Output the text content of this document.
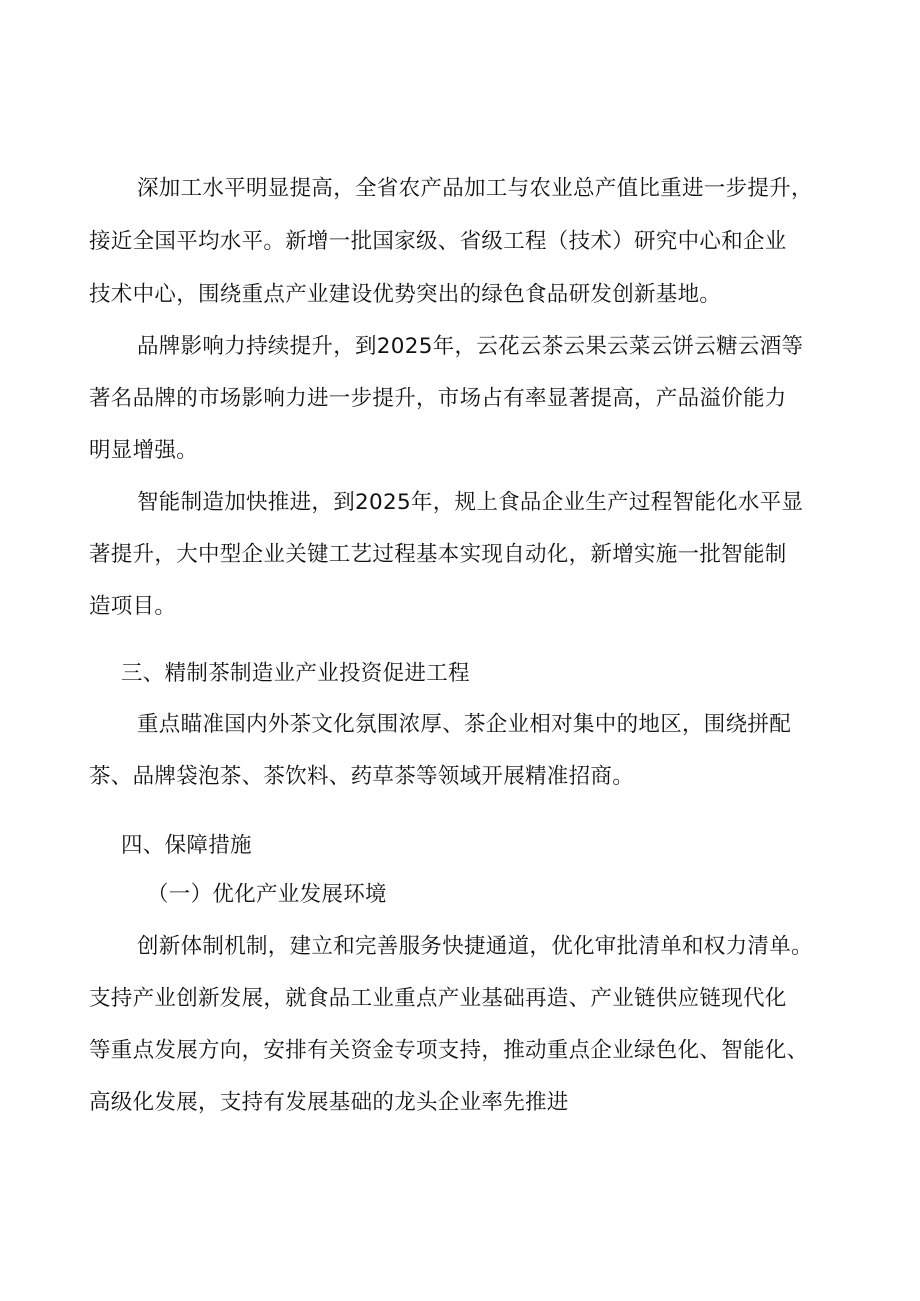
深加工水平明显提高，全省农产品加工与农业总产值比重进一步提升，
接近全国平均水平。新增一批国家级、省级工程（技术）研究中心和企业
技术中心，围绕重点产业建设优势突出的绿色食品研发创新基地。
品牌影响力持续提升，到2025年，云花云茶云果云菜云饼云糖云酒等
著名品牌的市场影响力进一步提升，市场占有率显著提高，产品溢价能力
明显增强。
智能制造加快推进，到2025年，规上食品企业生产过程智能化水平显
著提升，大中型企业关键工艺过程基本实现自动化，新增实施一批智能制
造项目。
三、精制茶制造业产业投资促进工程
重点瞄准国内外茶文化氛围浓厚、茶企业相对集中的地区，围绕拼配
茶、品牌袋泡茶、茶饮料、药草茶等领域开展精准招商。
四、保障措施
（一）优化产业发展环境
创新体制机制，建立和完善服务快捷通道，优化审批清单和权力清单。
支持产业创新发展，就食品工业重点产业基础再造、产业链供应链现代化
等重点发展方向，安排有关资金专项支持，推动重点企业绿色化、智能化、
高级化发展，支持有发展基础的龙头企业率先推进
